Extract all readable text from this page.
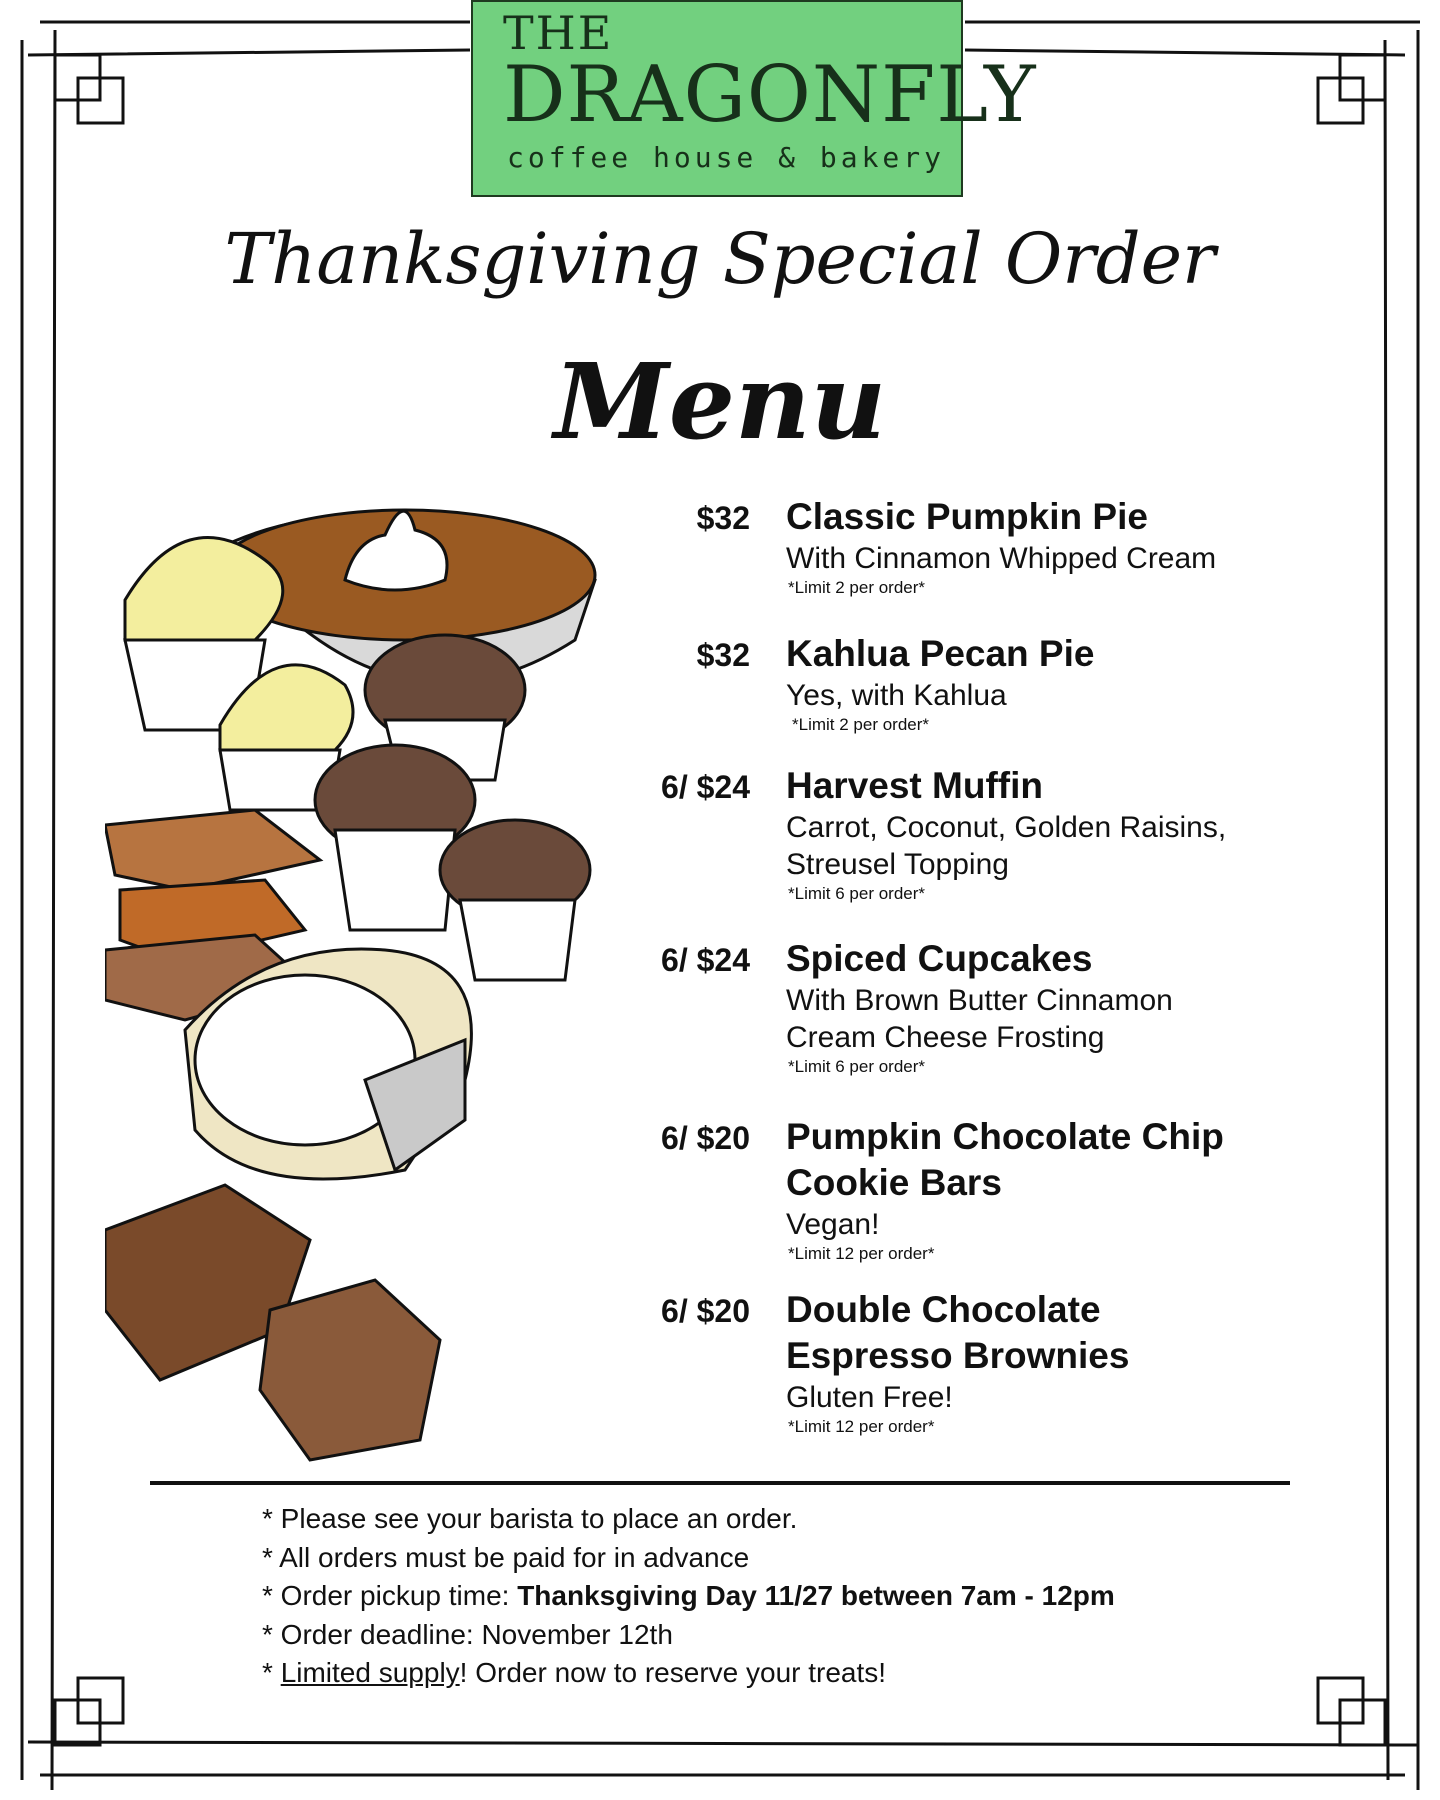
THE
DRAGONFLY
coffee house & bakery
Thanksgiving Special Order
Menu
$32 Classic Pumpkin Pie
With Cinnamon Whipped Cream
*Limit 2 per order*
$32 Kahlua Pecan Pie
Yes, with Kahlua
*Limit 2 per order*
6/ $24 Harvest Muffin
Carrot, Coconut, Golden Raisins,
Streusel Topping
*Limit 6 per order*
6/ $24 Spiced Cupcakes
With Brown Butter Cinnamon
Cream Cheese Frosting
*Limit 6 per order*
6/ $20 Pumpkin Chocolate Chip
Cookie Bars
Vegan!
*Limit 12 per order*
6/ $20 Double Chocolate
Espresso Brownies
Gluten Free!
*Limit 12 per order*
* Please see your barista to place an order.
* All orders must be paid for in advance
* Order pickup time: Thanksgiving Day 11/27 between 7am - 12pm
* Order deadline: November 12th
* Limited supply! Order now to reserve your treats!
